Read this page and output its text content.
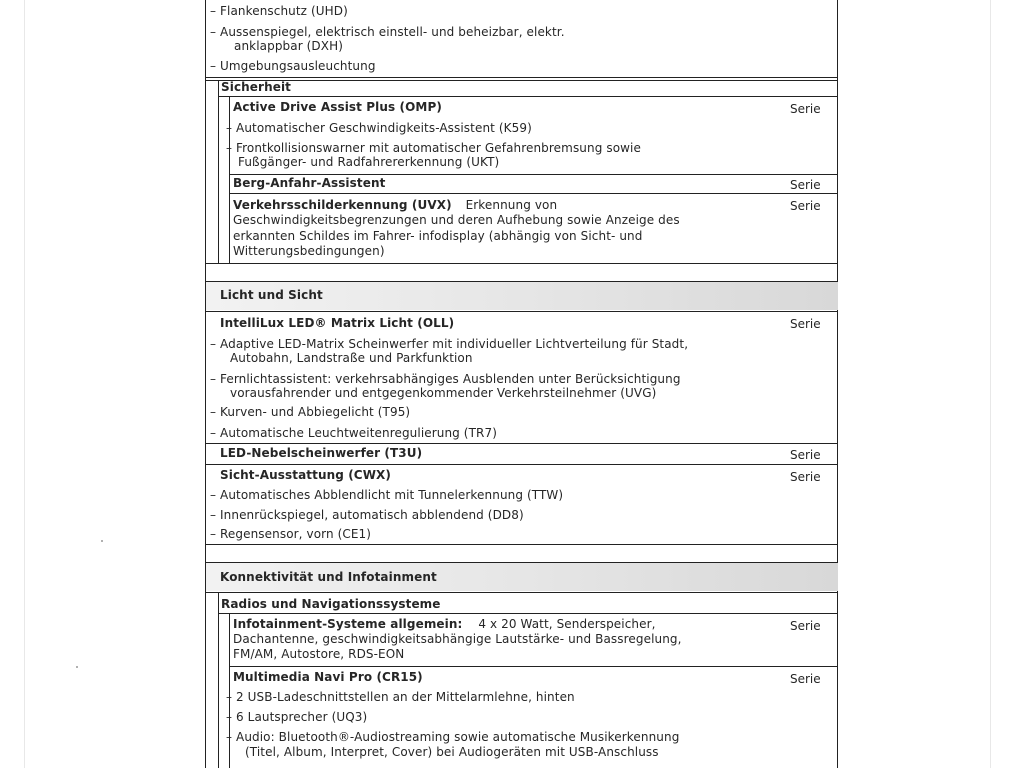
– Flankenschutz (UHD)
– Aussenspiegel, elektrisch einstell- und beheizbar, elektr.
anklappbar (DXH)
– Umgebungsausleuchtung
Sicherheit
Active Drive Assist Plus (OMP)	Serie
– Automatischer Geschwindigkeits-Assistent (K59)
– Frontkollisionswarner mit automatischer Gefahrenbremsung sowie
Fußgänger- und Radfahrererkennung (UKT)
Berg-Anfahr-Assistent	Serie
Verkehrsschilderkennung (UVX) Erkennung von	Serie
Geschwindigkeitsbegrenzungen und deren Aufhebung sowie Anzeige des
erkannten Schildes im Fahrer- infodisplay (abhängig von Sicht- und
Witterungsbedingungen)
Licht und Sicht
IntelliLux LED® Matrix Licht (OLL)	Serie
– Adaptive LED-Matrix Scheinwerfer mit individueller Lichtverteilung für Stadt,
Autobahn, Landstraße und Parkfunktion
– Fernlichtassistent: verkehrsabhängiges Ausblenden unter Berücksichtigung
vorausfahrender und entgegenkommender Verkehrsteilnehmer (UVG)
– Kurven- und Abbiegelicht (T95)
– Automatische Leuchtweitenregulierung (TR7)
LED-Nebelscheinwerfer (T3U)	Serie
Sicht-Ausstattung (CWX)	Serie
– Automatisches Abblendlicht mit Tunnelerkennung (TTW)
– Innenrückspiegel, automatisch abblendend (DD8)
– Regensensor, vorn (CE1)
Konnektivität und Infotainment
Radios und Navigationssysteme
Infotainment-Systeme allgemein: 4 x 20 Watt, Senderspeicher,	Serie
Dachantenne, geschwindigkeitsabhängige Lautstärke- und Bassregelung,
FM/AM, Autostore, RDS-EON
Multimedia Navi Pro (CR15)	Serie
– 2 USB-Ladeschnittstellen an der Mittelarmlehne, hinten
– 6 Lautsprecher (UQ3)
– Audio: Bluetooth®-Audiostreaming sowie automatische Musikerkennung
(Titel, Album, Interpret, Cover) bei Audiogeräten mit USB-Anschluss
